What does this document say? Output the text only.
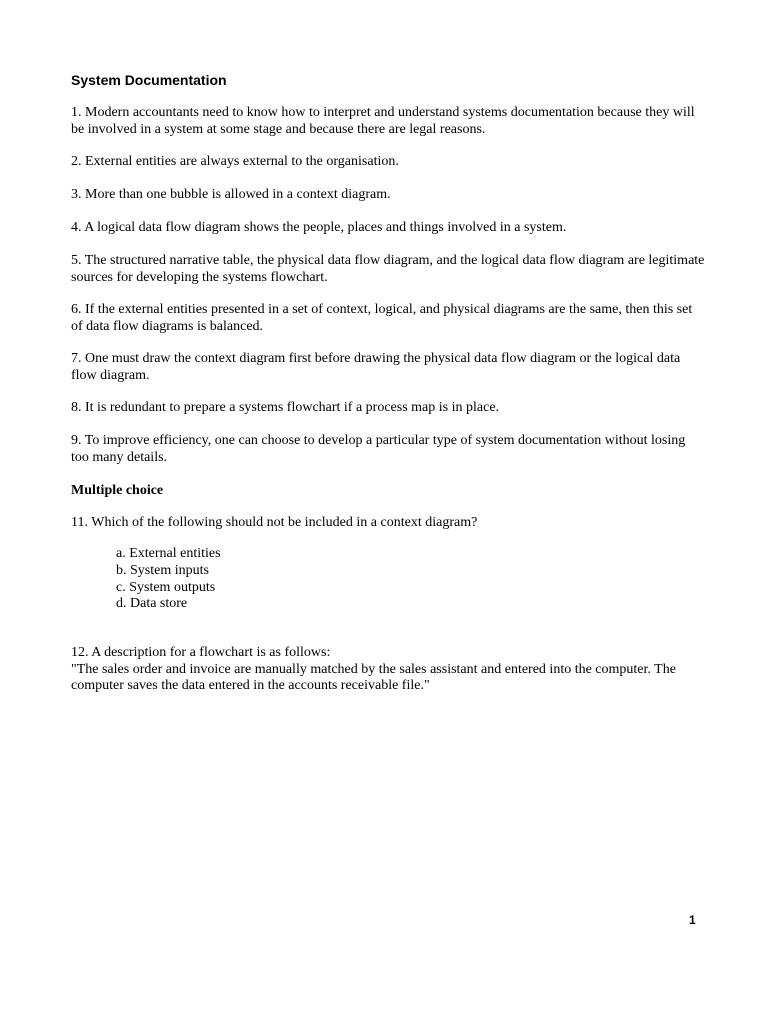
System Documentation

1. Modern accountants need to know how to interpret and understand systems documentation because they will
be involved in a system at some stage and because there are legal reasons.

2. External entities are always external to the organisation.

3. More than one bubble is allowed in a context diagram.

4. A logical data flow diagram shows the people, places and things involved in a system.

5. The structured narrative table, the physical data flow diagram, and the logical data flow diagram are legitimate
sources for developing the systems flowchart.

6. If the external entities presented in a set of context, logical, and physical diagrams are the same, then this set
of data flow diagrams is balanced.

7. One must draw the context diagram first before drawing the physical data flow diagram or the logical data
flow diagram.

8. It is redundant to prepare a systems flowchart if a process map is in place.

9. To improve efficiency, one can choose to develop a particular type of system documentation without losing
too many details.

Multiple choice

11. Which of the following should not be included in a context diagram?

a. External entities
b. System inputs
c. System outputs
d. Data store

12. A description for a flowchart is as follows:
"The sales order and invoice are manually matched by the sales assistant and entered into the computer. The
computer saves the data entered in the accounts receivable file."

1
